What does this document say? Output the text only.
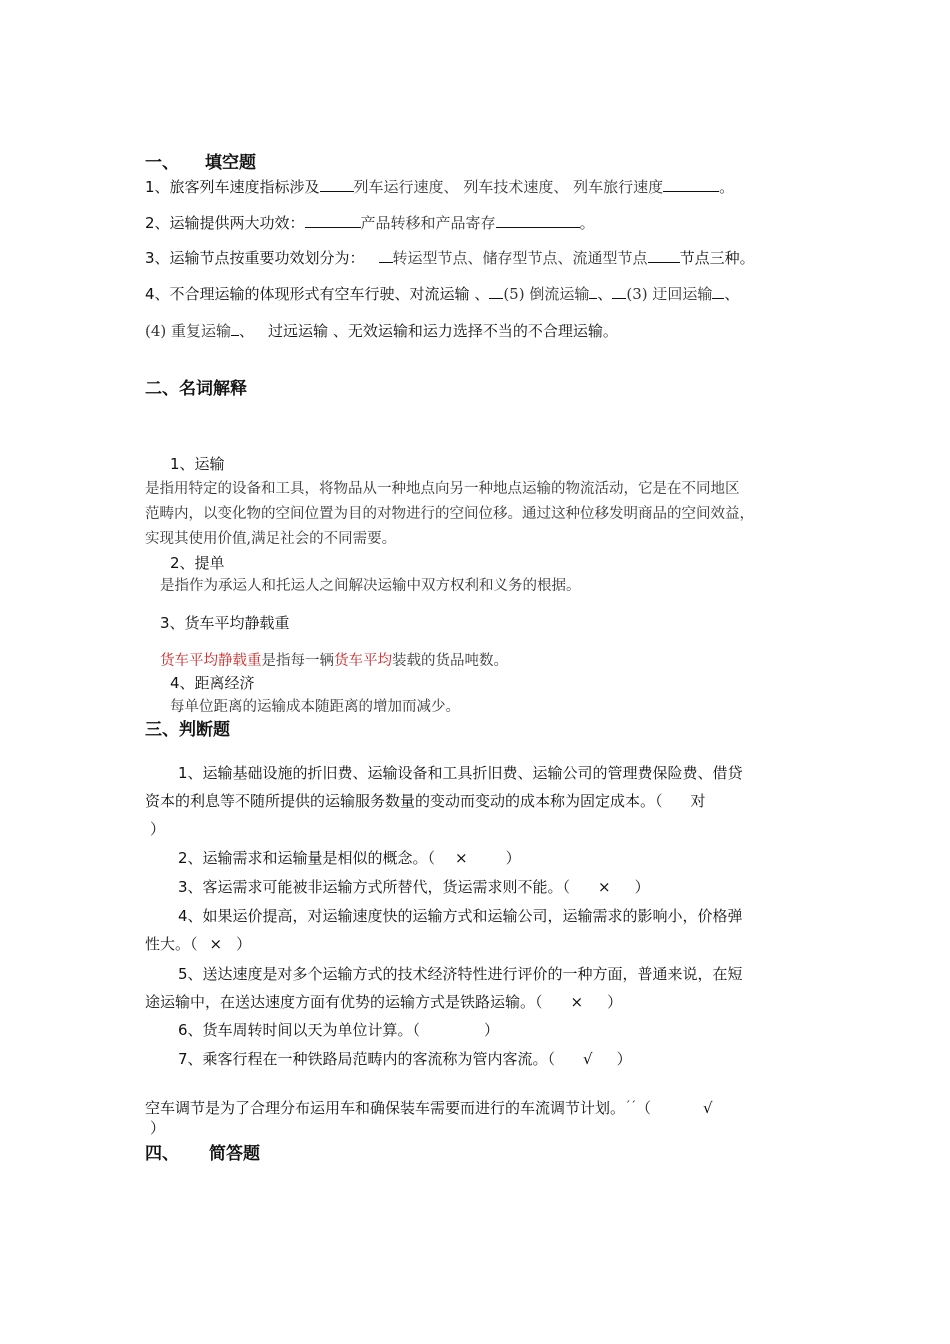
一、 填空题
1、旅客列车速度指标涉及 列车运行速度、 列车技术速度、 列车旅行速度	。
2、运输提供两大功效：	产品转移和产品寄存	。
3、运输节点按重要功效划分为： 转运型节点、储存型节点、流通型节点 节点三种。
4、不合理运输的体现形式有空车行驶、对流运输 、 (5) 倒流运输 、 (3) 迂回运输 、
(4) 重复运输 、 过远运输 、无效运输和运力选择不当的不合理运输。
二、名词解释
1、运输
是指用特定的设备和工具，将物品从一种地点向另一种地点运输的物流活动，它是在不同地区
范畴内，以变化物的空间位置为目的对物进行的空间位移。通过这种位移发明商品的空间效益，
实现其使用价值,满足社会的不同需要。
2、提单
是指作为承运人和托运人之间解决运输中双方权利和义务的根据。
3、货车平均静载重
货车平均静载重是指每一辆货车平均装载的货品吨数。
4、距离经济
每单位距离的运输成本随距离的增加而减少。
三、判断题
1、运输基础设施的折旧费、运输设备和工具折旧费、运输公司的管理费保险费、借贷
资本的利息等不随所提供的运输服务数量的变动而变动的成本称为固定成本。（ 对
）
2、运输需求和运输量是相似的概念。（ ×	）
3、客运需求可能被非运输方式所替代，货运需求则不能。（ × ）
4、如果运价提高，对运输速度快的运输方式和运输公司，运输需求的影响小，价格弹
性大。（ × ）
5、送达速度是对多个运输方式的技术经济特性进行评价的一种方面，普通来说，在短
途运输中，在送达速度方面有优势的运输方式是铁路运输。（ × ）
6、货车周转时间以天为单位计算。（	）
7、乘客行程在一种铁路局范畴内的客流称为管内客流。（ √ ）
空车调节是为了合理分布运用车和确保装车需要而进行的车流调节计划。$^{ˊˊ}$（	√
）
四、 简答题
